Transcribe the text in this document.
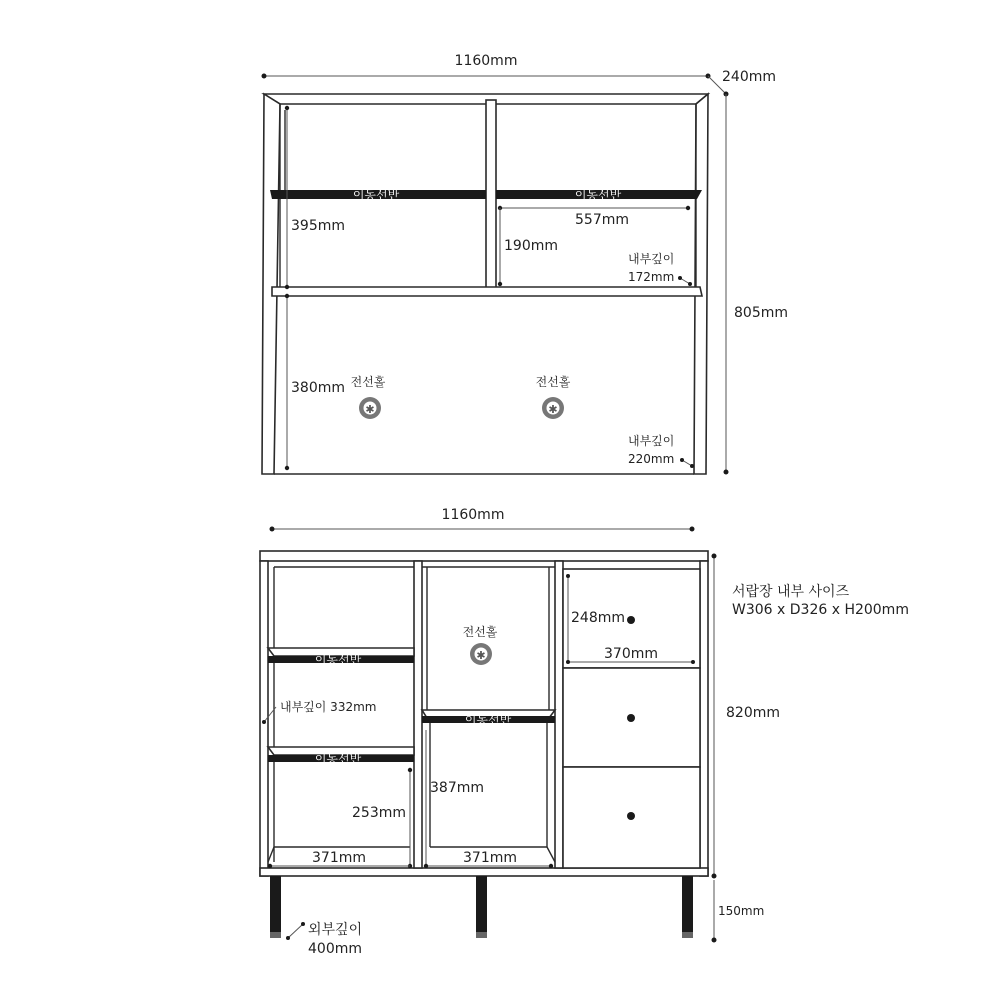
1160mm
240mm
805mm
이동선반	이동선반
395mm	557mm
190mm
내부깊이
172mm
380mm 전선홀
✱
전선홀
✱
내부깊이
220mm
1160mm
서랍장 내부 사이즈
W306 x D326 x H200mm
820mm
150mm
이동선반
이동선반
내부깊이 332mm
253mm
371mm
전선홀
✱
이동선반
387mm
371mm
248mm
370mm
외부깊이
400mm
